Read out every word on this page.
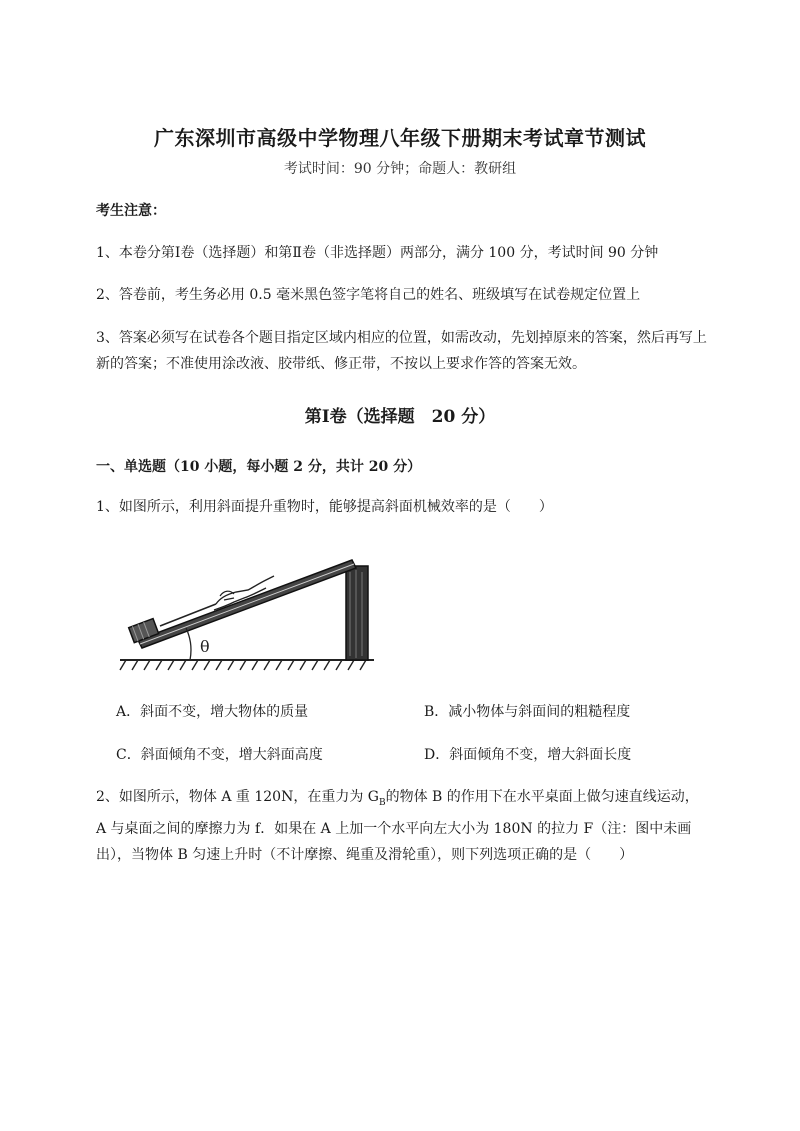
广东深圳市高级中学物理八年级下册期末考试章节测试
考试时间：90 分钟；命题人：教研组
考生注意：
1、本卷分第Ⅰ卷（选择题）和第Ⅱ卷（非选择题）两部分，满分 100 分，考试时间 90 分钟
2、答卷前，考生务必用 0.5 毫米黑色签字笔将自己的姓名、班级填写在试卷规定位置上
3、答案必须写在试卷各个题目指定区域内相应的位置，如需改动，先划掉原来的答案，然后再写上新的答案；不准使用涂改液、胶带纸、修正带，不按以上要求作答的答案无效。
第Ⅰ卷（选择题　20 分）
一、单选题（10 小题，每小题 2 分，共计 20 分）
1、如图所示，利用斜面提升重物时，能够提高斜面机械效率的是（　　）
θ
A．斜面不变，增大物体的质量	B．减小物体与斜面间的粗糙程度
C．斜面倾角不变，增大斜面高度	D．斜面倾角不变，增大斜面长度
2、如图所示，物体 A 重 120N，在重力为 $G_B$的物体 B 的作用下在水平桌面上做匀速直线运动，A 与桌面之间的摩擦力为 f．如果在 A 上加一个水平向左大小为 180N 的拉力 F（注：图中未画出），当物体 B 匀速上升时（不计摩擦、绳重及滑轮重），则下列选项正确的是（　　）
